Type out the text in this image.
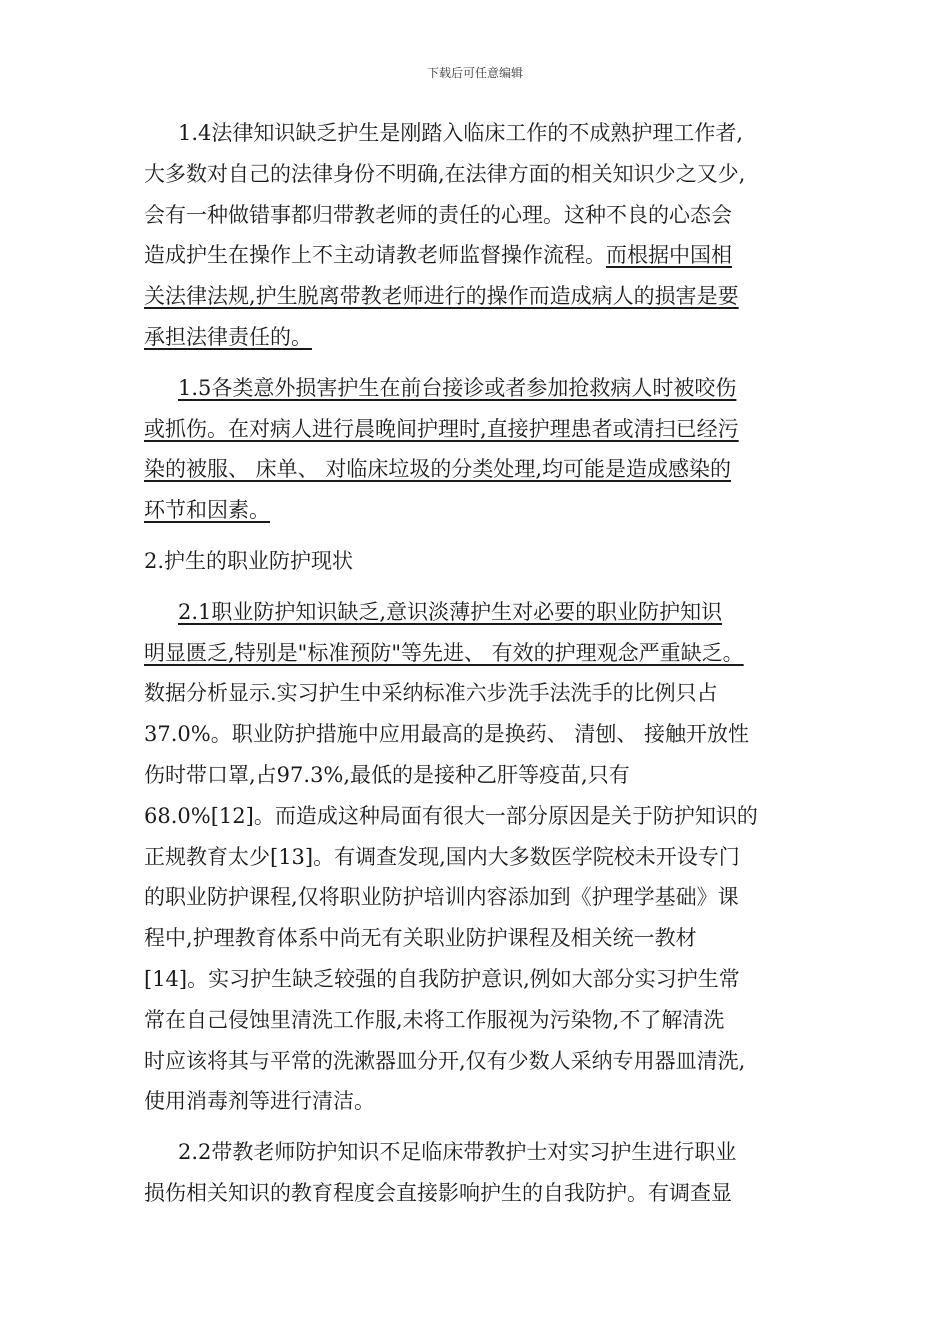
下载后可任意编辑
1.4法律知识缺乏护生是刚踏入临床工作的不成熟护理工作者,
大多数对自己的法律身份不明确,在法律方面的相关知识少之又少,
会有一种做错事都归带教老师的责任的心理。这种不良的心态会
造成护生在操作上不主动请教老师监督操作流程。而根据中国相
关法律法规,护生脱离带教老师进行的操作而造成病人的损害是要
承担法律责任的。
1.5各类意外损害护生在前台接诊或者参加抢救病人时被咬伤
或抓伤。在对病人进行晨晚间护理时,直接护理患者或清扫已经污
染的被服、 床单、 对临床垃圾的分类处理,均可能是造成感染的
环节和因素。
2.护生的职业防护现状
2.1职业防护知识缺乏,意识淡薄护生对必要的职业防护知识
明显匮乏,特别是"标准预防"等先进、 有效的护理观念严重缺乏。
数据分析显示.实习护生中采纳标准六步洗手法洗手的比例只占
37.0%。职业防护措施中应用最高的是换药、 清刨、 接触开放性
伤时带口罩,占97.3%,最低的是接种乙肝等疫苗,只有
68.0%[12]。而造成这种局面有很大一部分原因是关于防护知识的
正规教育太少[13]。有调查发现,国内大多数医学院校未开设专门
的职业防护课程,仅将职业防护培训内容添加到《护理学基础》课
程中,护理教育体系中尚无有关职业防护课程及相关统一教材
[14]。实习护生缺乏较强的自我防护意识,例如大部分实习护生常
常在自己侵蚀里清洗工作服,未将工作服视为污染物,不了解清洗
时应该将其与平常的洗漱器皿分开,仅有少数人采纳专用器皿清洗,
使用消毒剂等进行清洁。
2.2带教老师防护知识不足临床带教护士对实习护生进行职业
损伤相关知识的教育程度会直接影响护生的自我防护。有调查显
